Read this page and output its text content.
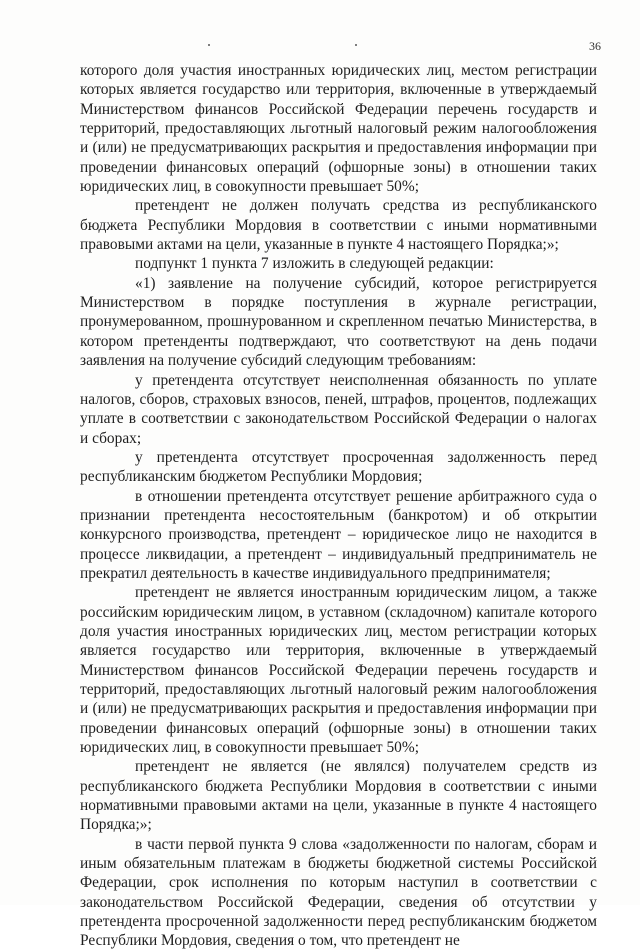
36

которого доля участия иностранных юридических лиц, местом регистрации которых является государство или территория, включенные в утверждаемый Министерством финансов Российской Федерации перечень государств и территорий, предоставляющих льготный налоговый режим налогообложения и (или) не предусматривающих раскрытия и предоставления информации при проведении финансовых операций (офшорные зоны) в отношении таких юридических лиц, в совокупности превышает 50%;

претендент не должен получать средства из республиканского бюджета Республики Мордовия в соответствии с иными нормативными правовыми актами на цели, указанные в пункте 4 настоящего Порядка;»;

подпункт 1 пункта 7 изложить в следующей редакции:

«1) заявление на получение субсидий, которое регистрируется Министерством в порядке поступления в журнале регистрации, пронумерованном, прошнурованном и скрепленном печатью Министерства, в котором претенденты подтверждают, что соответствуют на день подачи заявления на получение субсидий следующим требованиям:

у претендента отсутствует неисполненная обязанность по уплате налогов, сборов, страховых взносов, пеней, штрафов, процентов, подлежащих уплате в соответствии с законодательством Российской Федерации о налогах и сборах;

у претендента отсутствует просроченная задолженность перед республиканским бюджетом Республики Мордовия;

в отношении претендента отсутствует решение арбитражного суда о признании претендента несостоятельным (банкротом) и об открытии конкурсного производства, претендент – юридическое лицо не находится в процессе ликвидации, а претендент – индивидуальный предприниматель не прекратил деятельность в качестве индивидуального предпринимателя;

претендент не является иностранным юридическим лицом, а также российским юридическим лицом, в уставном (складочном) капитале которого доля участия иностранных юридических лиц, местом регистрации которых является государство или территория, включенные в утверждаемый Министерством финансов Российской Федерации перечень государств и территорий, предоставляющих льготный налоговый режим налогообложения и (или) не предусматривающих раскрытия и предоставления информации при проведении финансовых операций (офшорные зоны) в отношении таких юридических лиц, в совокупности превышает 50%;

претендент не является (не являлся) получателем средств из республиканского бюджета Республики Мордовия в соответствии с иными нормативными правовыми актами на цели, указанные в пункте 4 настоящего Порядка;»;

в части первой пункта 9 слова «задолженности по налогам, сборам и иным обязательным платежам в бюджеты бюджетной системы Российской Федерации, срок исполнения по которым наступил в соответствии с законодательством Российской Федерации, сведения об отсутствии у претендента просроченной задолженности перед республиканским бюджетом Республики Мордовия, сведения о том, что претендент не
